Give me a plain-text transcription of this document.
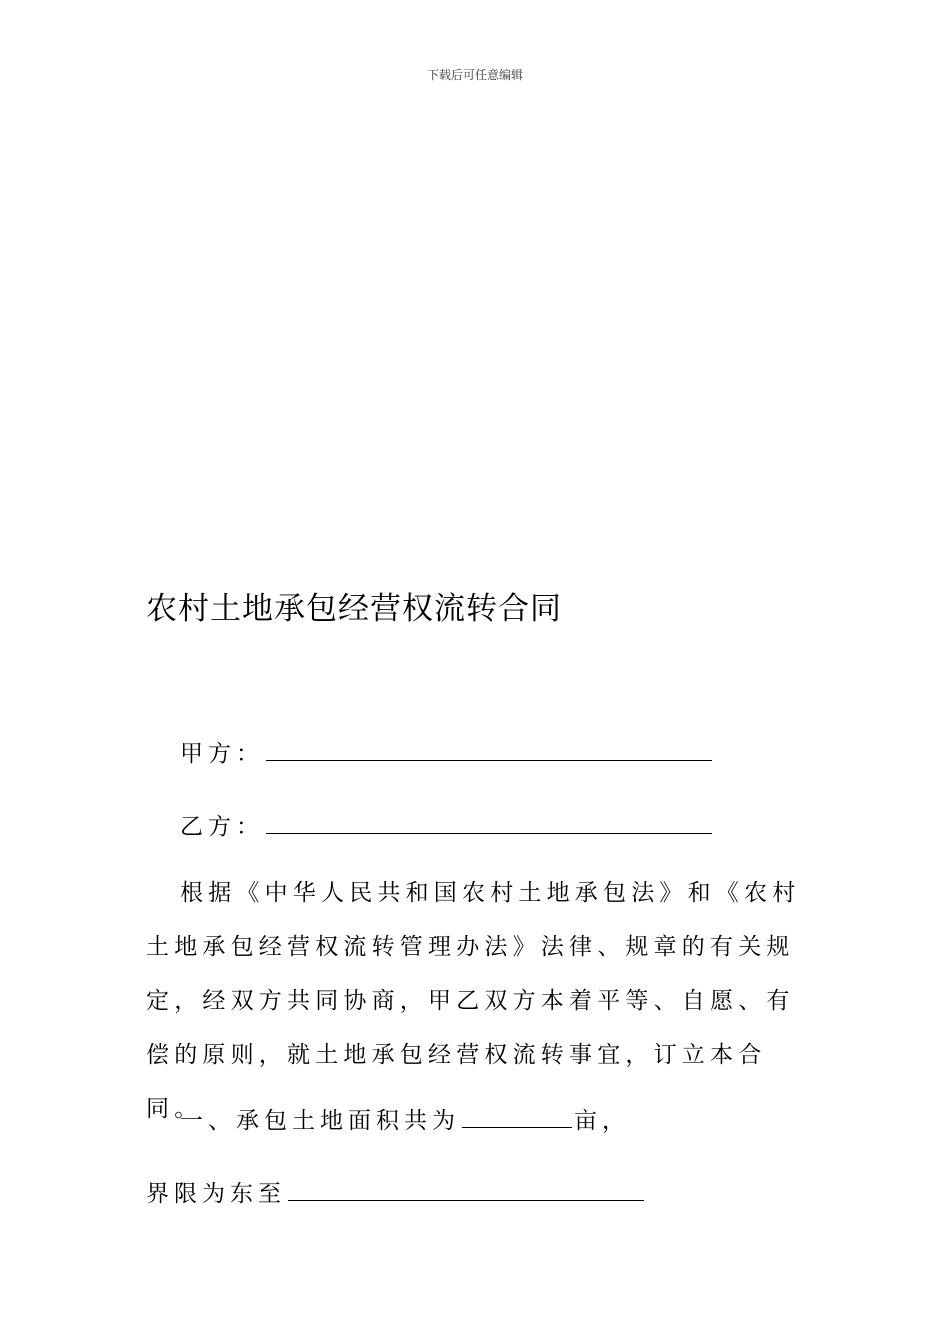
下载后可任意编辑
农村土地承包经营权流转合同
甲方：
乙方：
根据《中华人民共和国农村土地承包法》和《农村土地承包经营权流转管理办法》法律、规章的有关规定，经双方共同协商，甲乙双方本着平等、自愿、有偿的原则，就土地承包经营权流转事宜，订立本合同。
一、承包土地面积共为	亩，
界限为东至
